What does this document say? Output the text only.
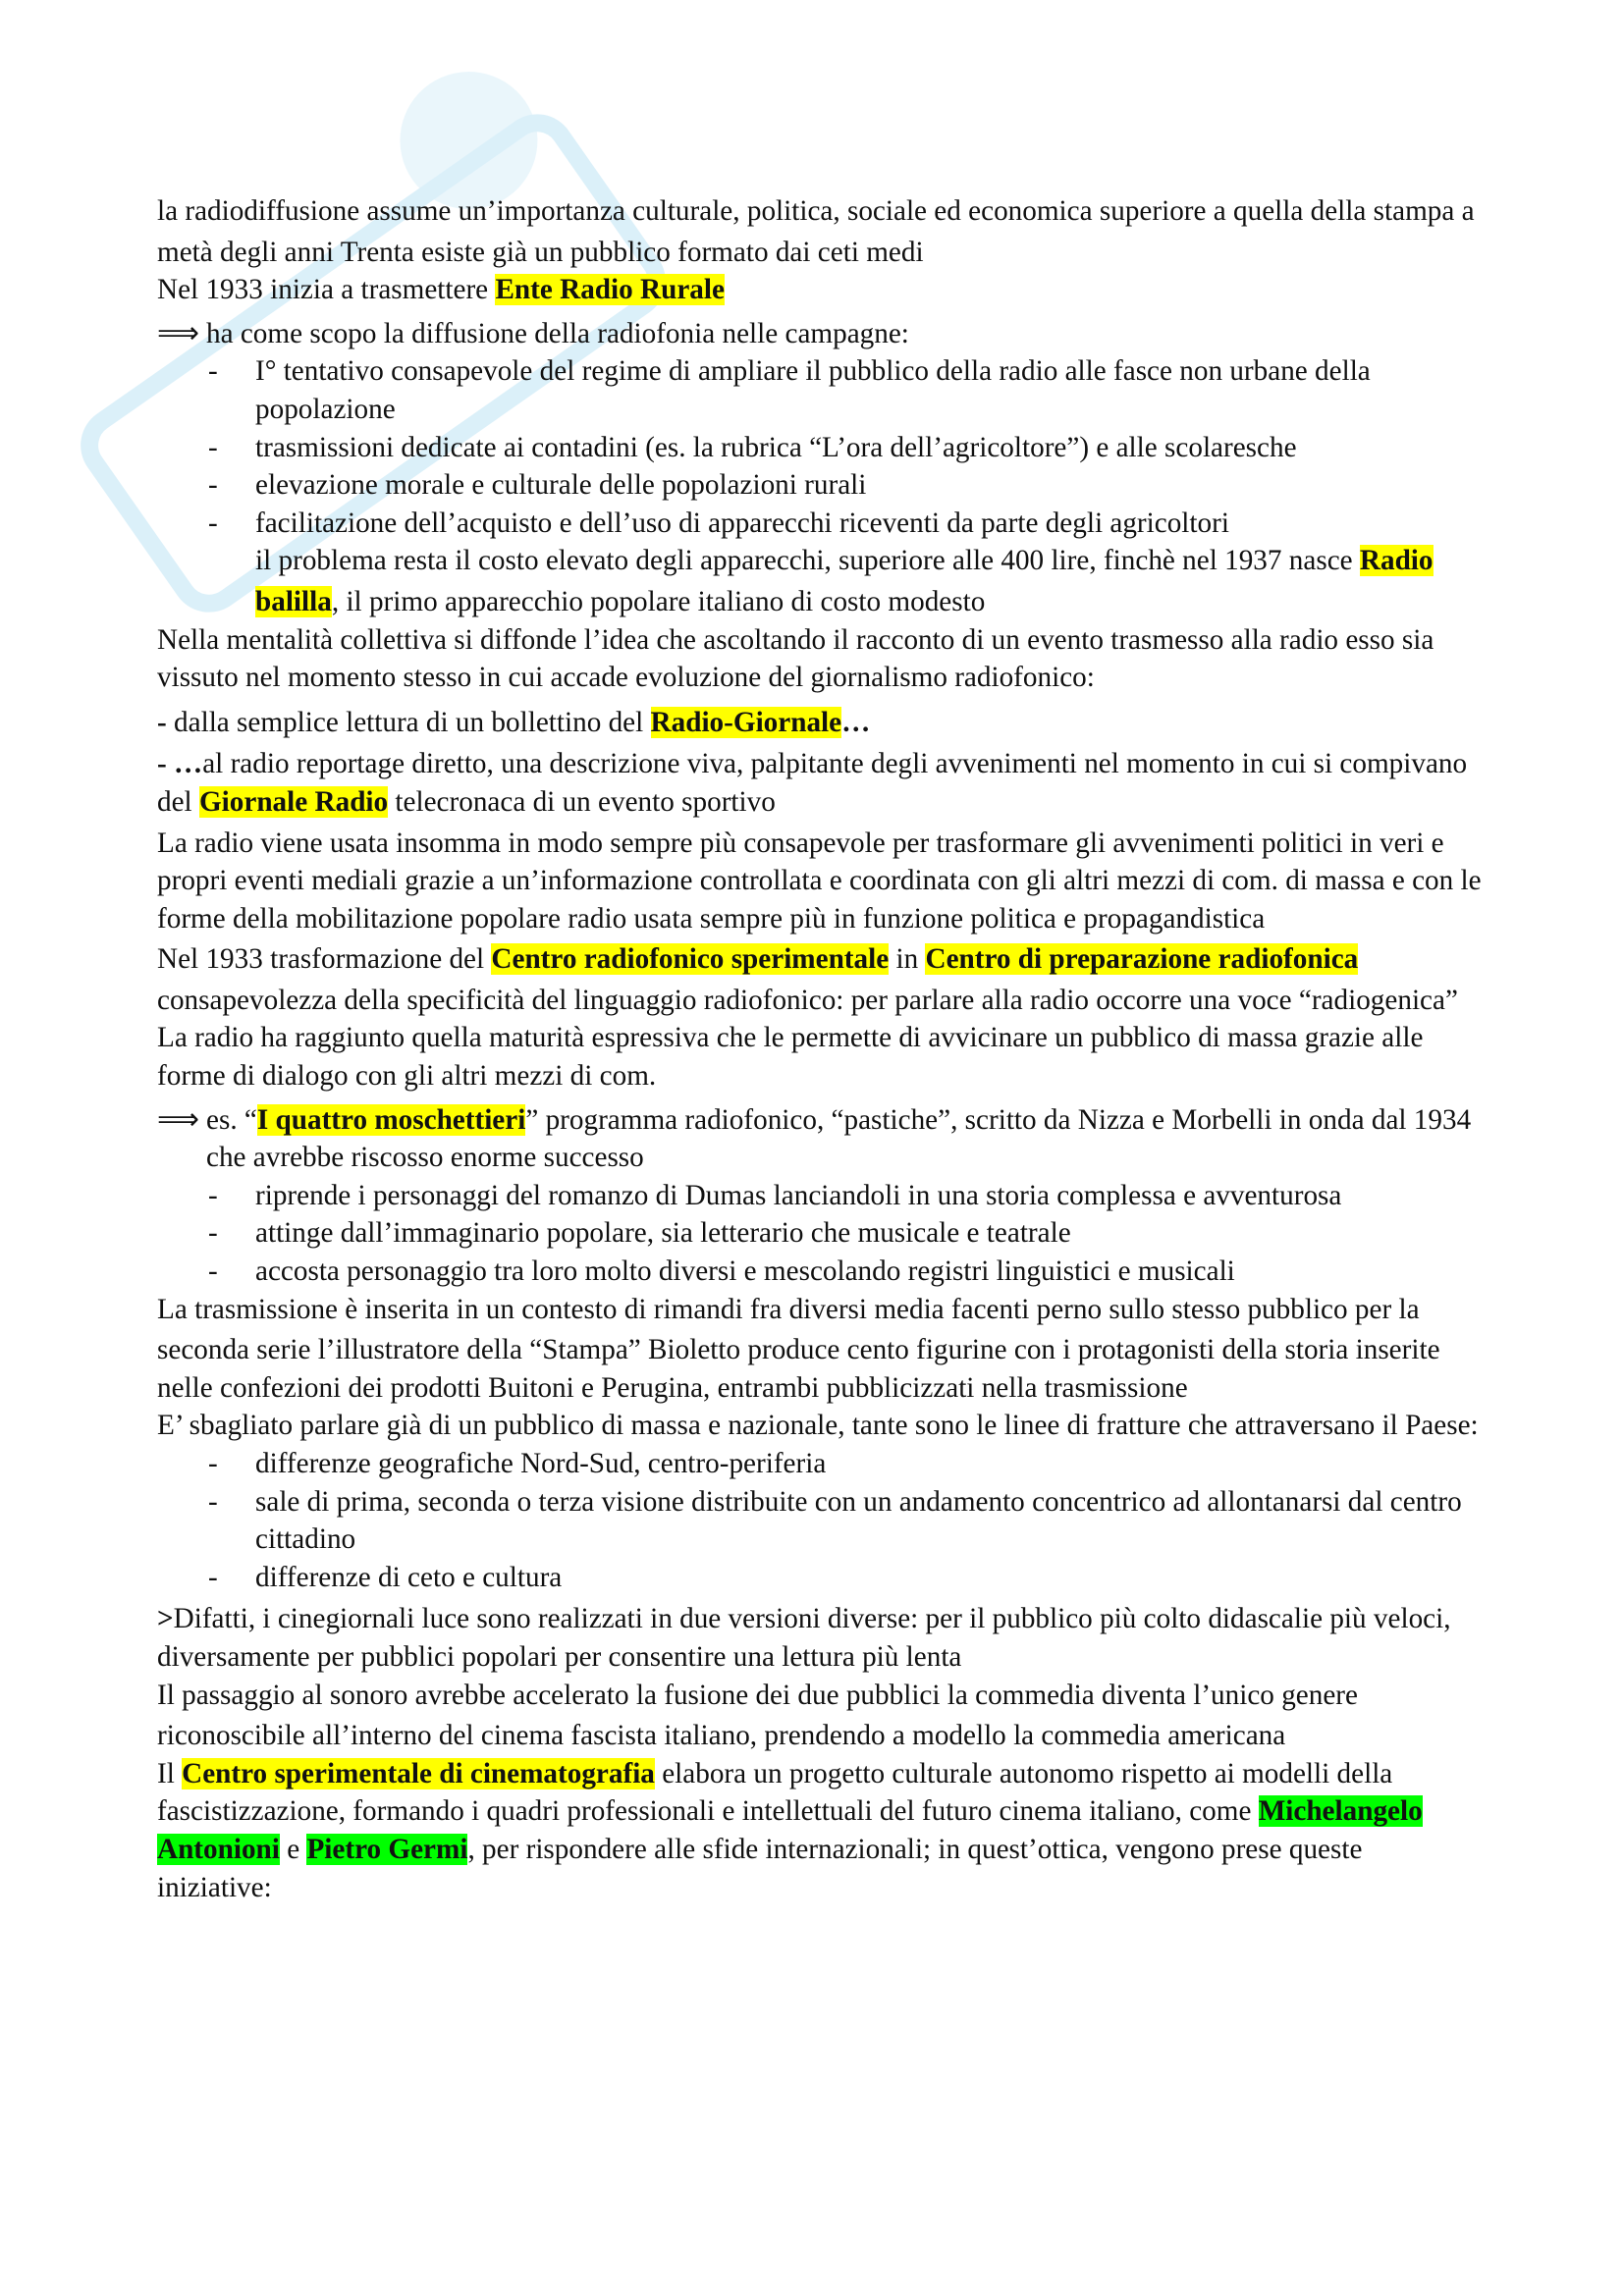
la radiodiffusione assume un’importanza culturale, politica, sociale ed economica superiore a quella della stampa a metà degli anni Trenta esiste già un pubblico formato dai ceti medi

Nel 1933 inizia a trasmettere Ente Radio Rurale

⟹ ha come scopo la diffusione della radiofonia nelle campagne:
- I° tentativo consapevole del regime di ampliare il pubblico della radio alle fasce non urbane della popolazione
- trasmissioni dedicate ai contadini (es. la rubrica “L’ora dell’agricoltore”) e alle scolaresche
- elevazione morale e culturale delle popolazioni rurali
- facilitazione dell’acquisto e dell’uso di apparecchi riceventi da parte degli agricoltori
il problema resta il costo elevato degli apparecchi, superiore alle 400 lire, finchè nel 1937 nasce Radio balilla, il primo apparecchio popolare italiano di costo modesto

Nella mentalità collettiva si diffonde l’idea che ascoltando il racconto di un evento trasmesso alla radio esso sia vissuto nel momento stesso in cui accade evoluzione del giornalismo radiofonico:

- dalla semplice lettura di un bollettino del Radio-Giornale…

- …al radio reportage diretto, una descrizione viva, palpitante degli avvenimenti nel momento in cui si compivano del Giornale Radio telecronaca di un evento sportivo

La radio viene usata insomma in modo sempre più consapevole per trasformare gli avvenimenti politici in veri e propri eventi mediali grazie a un’informazione controllata e coordinata con gli altri mezzi di com. di massa e con le forme della mobilitazione popolare radio usata sempre più in funzione politica e propagandistica

Nel 1933 trasformazione del Centro radiofonico sperimentale in Centro di preparazione radiofonica consapevolezza della specificità del linguaggio radiofonico: per parlare alla radio occorre una voce “radiogenica”

La radio ha raggiunto quella maturità espressiva che le permette di avvicinare un pubblico di massa grazie alle forme di dialogo con gli altri mezzi di com.

⟹ es. “I quattro moschettieri” programma radiofonico, “pastiche”, scritto da Nizza e Morbelli in onda dal 1934 che avrebbe riscosso enorme successo
- riprende i personaggi del romanzo di Dumas lanciandoli in una storia complessa e avventurosa
- attinge dall’immaginario popolare, sia letterario che musicale e teatrale
- accosta personaggio tra loro molto diversi e mescolando registri linguistici e musicali

La trasmissione è inserita in un contesto di rimandi fra diversi media facenti perno sullo stesso pubblico per la seconda serie l’illustratore della “Stampa” Bioletto produce cento figurine con i protagonisti della storia inserite nelle confezioni dei prodotti Buitoni e Perugina, entrambi pubblicizzati nella trasmissione

E’ sbagliato parlare già di un pubblico di massa e nazionale, tante sono le linee di fratture che attraversano il Paese:

- differenze geografiche Nord-Sud, centro-periferia
- sale di prima, seconda o terza visione distribuite con un andamento concentrico ad allontanarsi dal centro cittadino
- differenze di ceto e cultura

>Difatti, i cinegiornali luce sono realizzati in due versioni diverse: per il pubblico più colto didascalie più veloci, diversamente per pubblici popolari per consentire una lettura più lenta

Il passaggio al sonoro avrebbe accelerato la fusione dei due pubblici la commedia diventa l’unico genere riconoscibile all’interno del cinema fascista italiano, prendendo a modello la commedia americana

Il Centro sperimentale di cinematografia elabora un progetto culturale autonomo rispetto ai modelli della fascistizzazione, formando i quadri professionali e intellettuali del futuro cinema italiano, come Michelangelo Antonioni e Pietro Germi, per rispondere alle sfide internazionali; in quest’ottica, vengono prese queste iniziative:
